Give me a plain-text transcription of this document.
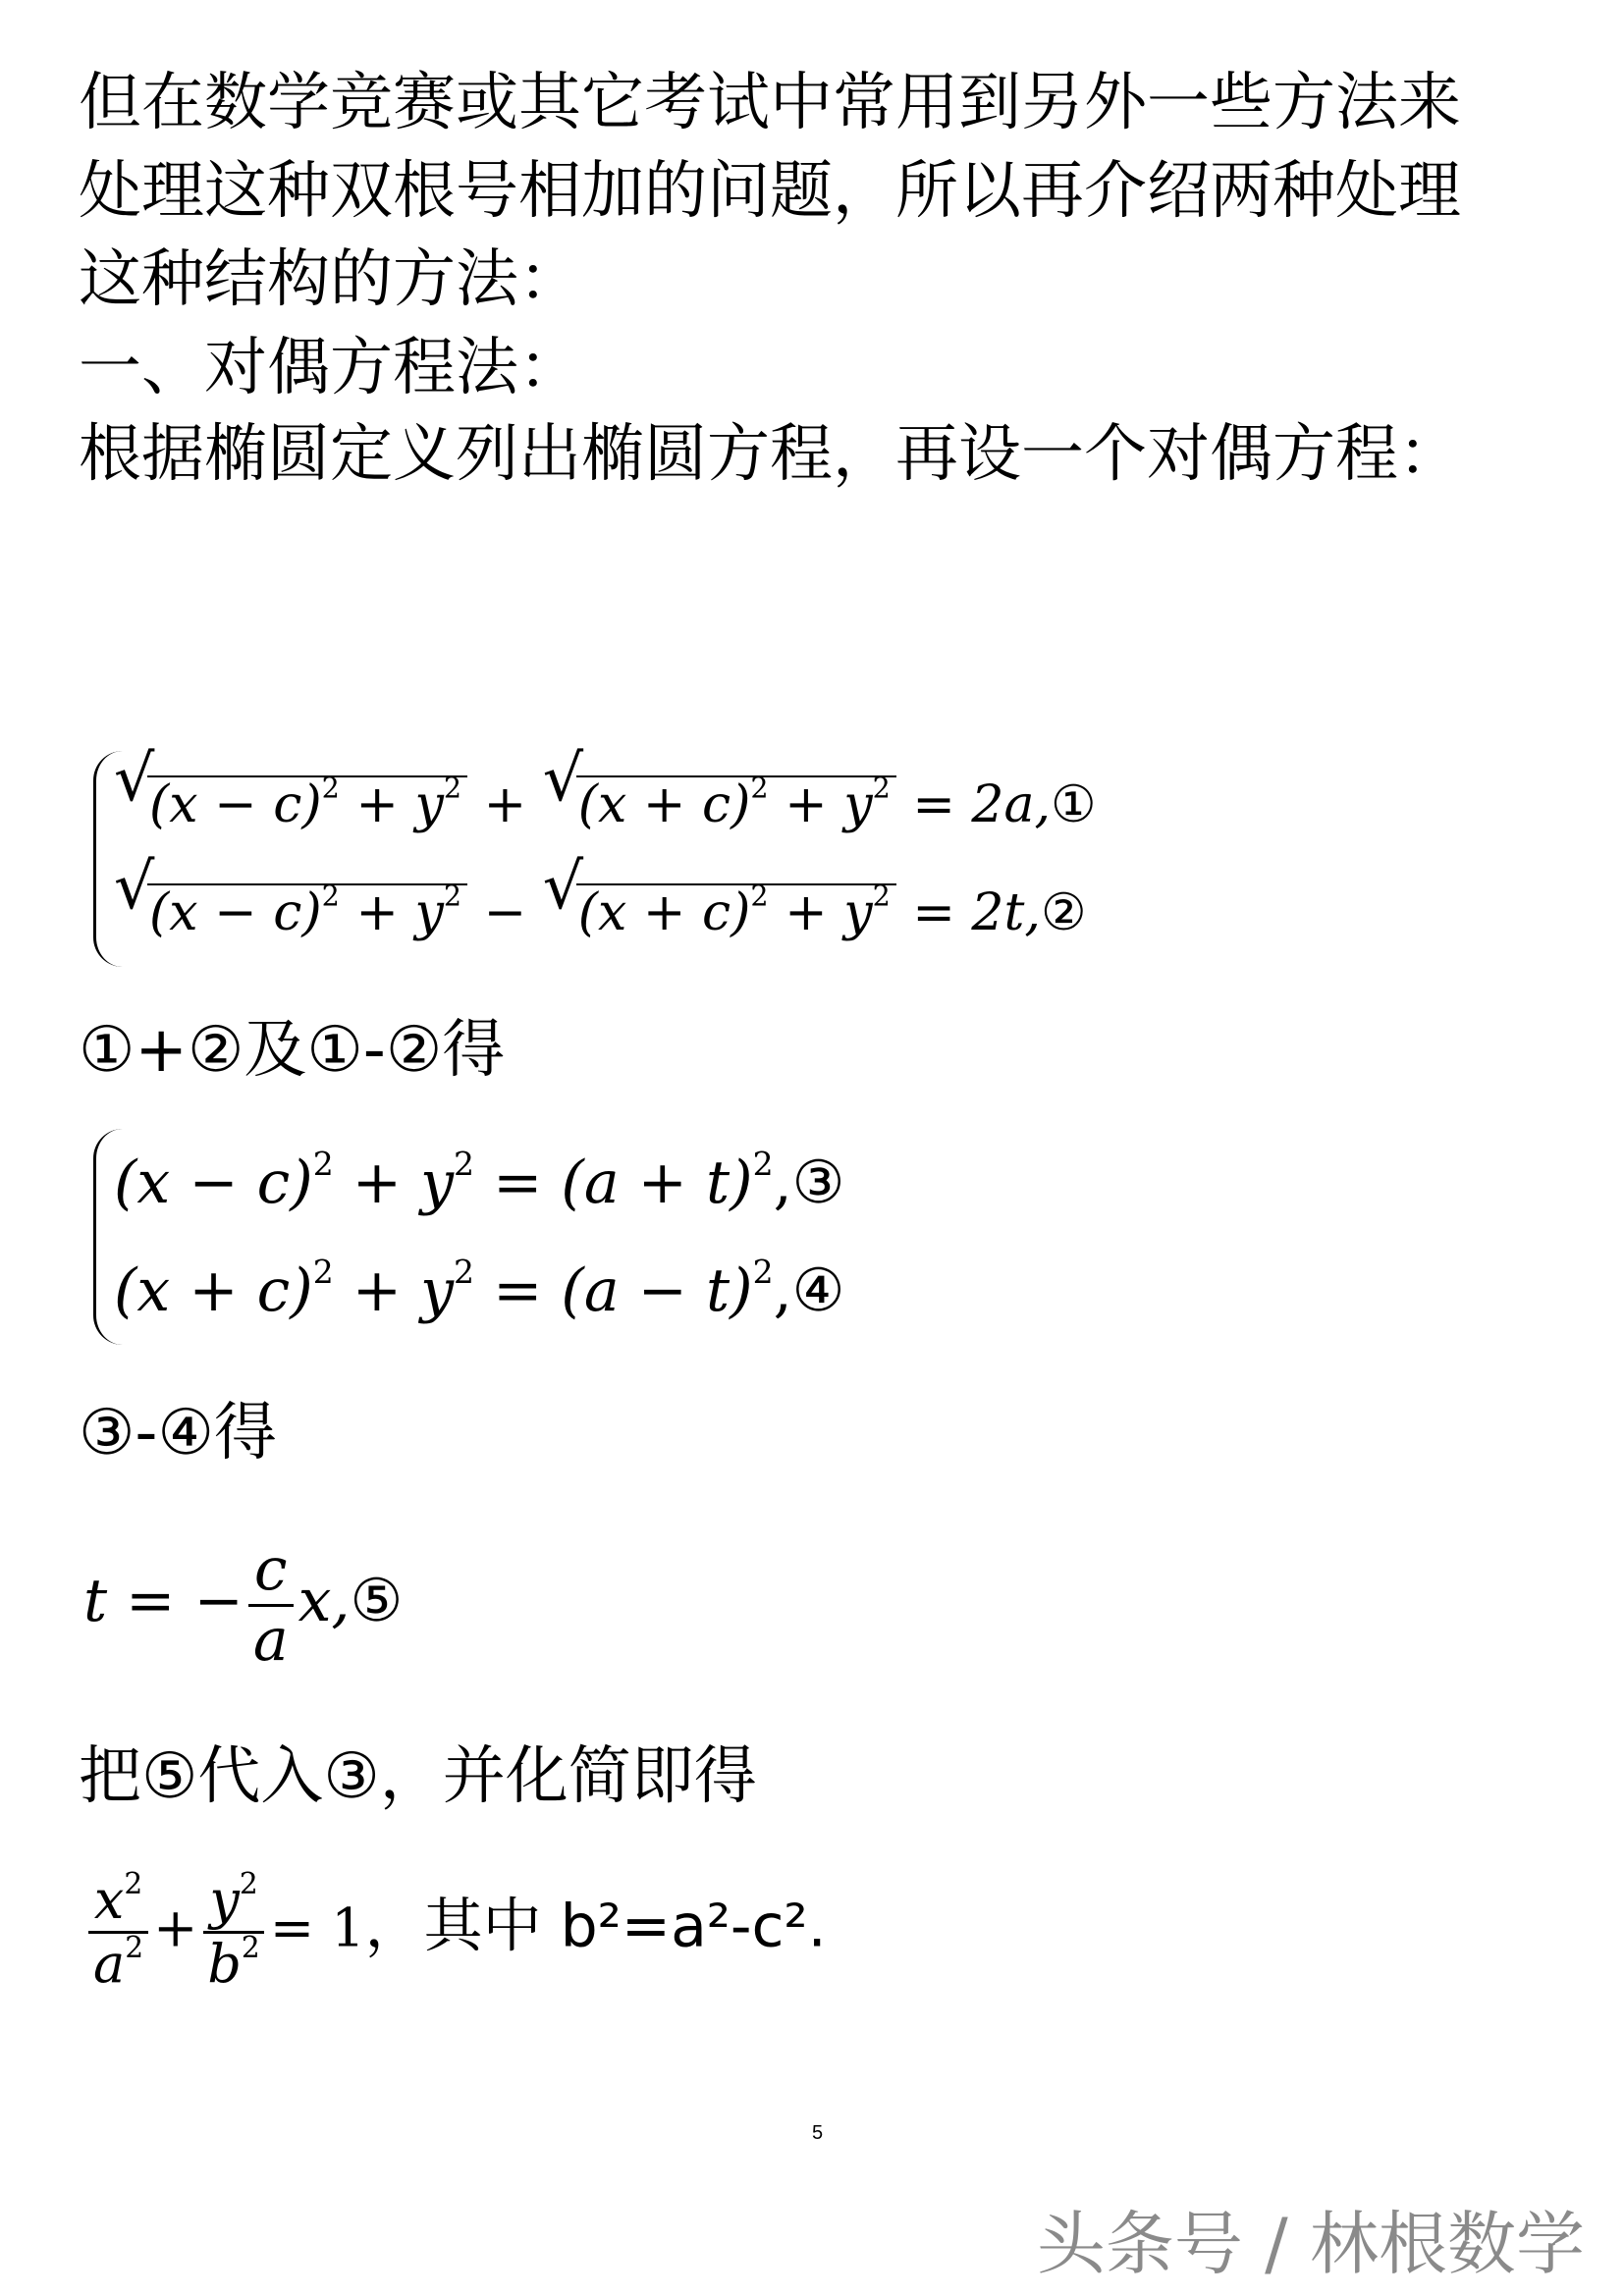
但在数学竞赛或其它考试中常用到另外一些方法来

处理这种双根号相加的问题，所以再介绍两种处理

这种结构的方法：

一、对偶方程法：

根据椭圆定义列出椭圆方程，再设一个对偶方程：

√
$(x - c)^2 + y^2$ + √
$(x + c)^2 + y^2$ = 2a,①
√
$(x - c)^2 + y^2$ − √
$(x + c)^2 + y^2$ = 2t,②

①+②及①-②得

$(x - c)^2 + y^2 = (a$ + $t)^2,③$
$(x + c)^2 + y^2 = (a$ − $t)^2,④$

③-④得

t = − $\frac{c}{a}$ x,⑤

把⑤代入③，并化简即得

$\frac{x^2}{a^2} + \frac{y^2}{b^2} = 1$，其中 b²=a²-c².
5
头条号 / 林根数学
